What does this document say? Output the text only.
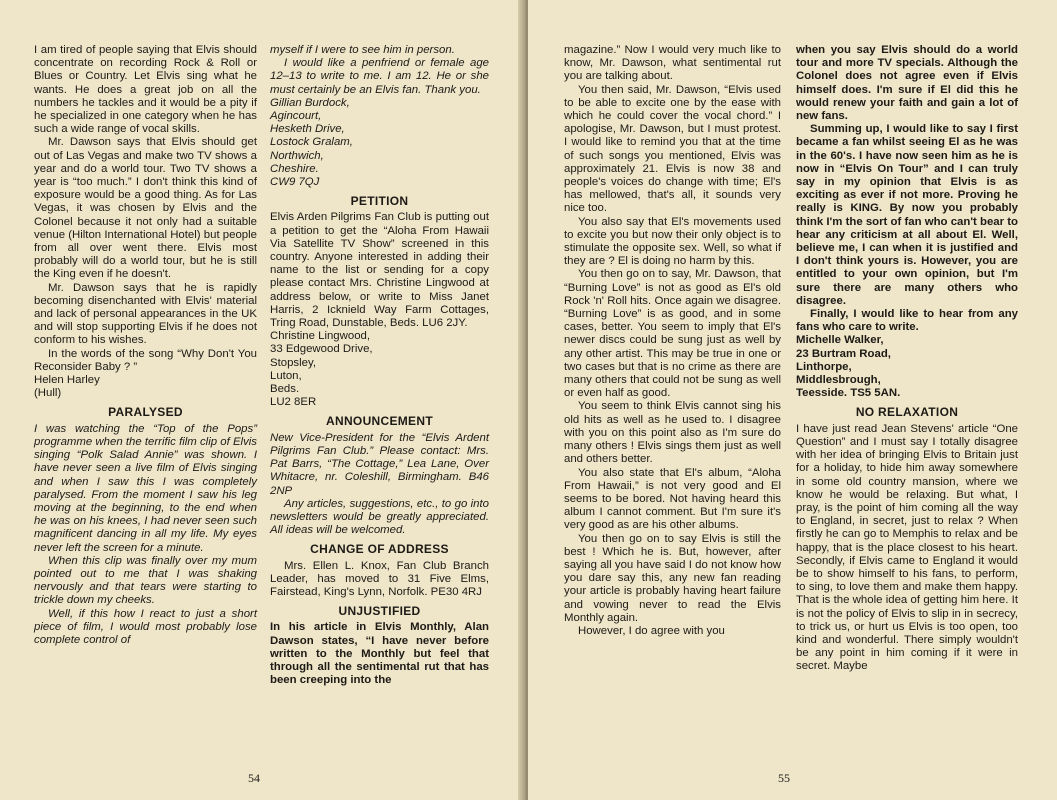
I am tired of people saying that Elvis should concentrate on recording Rock & Roll or Blues or Country. Let Elvis sing what he wants. He does a great job on all the numbers he tackles and it would be a pity if he specialized in one category when he has such a wide range of vocal skills.

Mr. Dawson says that Elvis should get out of Las Vegas and make two TV shows a year and do a world tour. Two TV shows a year is “too much.” I don't think this kind of exposure would be a good thing. As for Las Vegas, it was chosen by Elvis and the Colonel because it not only had a suitable venue (Hilton International Hotel) but people from all over went there. Elvis most probably will do a world tour, but he is still the King even if he doesn't.

Mr. Dawson says that he is rapidly becoming disenchanted with Elvis' material and lack of personal appearances in the UK and will stop supporting Elvis if he does not conform to his wishes.

In the words of the song “Why Don't You Reconsider Baby ? ”

Helen Harley

(Hull)

PARALYSED

I was watching the “Top of the Pops” programme when the terrific film clip of Elvis singing “Polk Salad Annie” was shown. I have never seen a live film of Elvis singing and when I saw this I was completely paralysed. From the moment I saw his leg moving at the beginning, to the end when he was on his knees, I had never seen such magnificent dancing in all my life. My eyes never left the screen for a minute.

When this clip was finally over my mum pointed out to me that I was shaking nervously and that tears were starting to trickle down my cheeks.

Well, if this how I react to just a short piece of film, I would most probably lose complete control of

myself if I were to see him in person.

I would like a penfriend or female age 12–13 to write to me. I am 12. He or she must certainly be an Elvis fan. Thank you.

Gillian Burdock,

Agincourt,

Hesketh Drive,

Lostock Gralam,

Northwich,

Cheshire.

CW9 7QJ

PETITION

Elvis Arden Pilgrims Fan Club is putting out a petition to get the “Aloha From Hawaii Via Satellite TV Show” screened in this country. Anyone interested in adding their name to the list or sending for a copy please contact Mrs. Christine Lingwood at address below, or write to Miss Janet Harris, 2 Icknield Way Farm Cottages, Tring Road, Dunstable, Beds. LU6 2JY.

Christine Lingwood,

33 Edgewood Drive,

Stopsley,

Luton,

Beds.

LU2 8ER

ANNOUNCEMENT

New Vice-President for the “Elvis Ardent Pilgrims Fan Club.” Please contact: Mrs. Pat Barrs, “The Cottage,” Lea Lane, Over Whitacre, nr. Coleshill, Birmingham. B46 2NP

Any articles, suggestions, etc., to go into newsletters would be greatly appreciated. All ideas will be welcomed.

CHANGE OF ADDRESS

Mrs. Ellen L. Knox, Fan Club Branch Leader, has moved to 31 Five Elms, Fairstead, King's Lynn, Norfolk. PE30 4RJ

UNJUSTIFIED

In his article in Elvis Monthly, Alan Dawson states, “I have never before written to the Monthly but feel that through all the sentimental rut that has been creeping into the

54

magazine.” Now I would very much like to know, Mr. Dawson, what sentimental rut you are talking about.

You then said, Mr. Dawson, “Elvis used to be able to excite one by the ease with which he could cover the vocal chord.” I apologise, Mr. Dawson, but I must protest. I would like to remind you that at the time of such songs you mentioned, Elvis was approximately 21. Elvis is now 38 and people's voices do change with time; El's has mellowed, that's all, it sounds very nice too.

You also say that El's movements used to excite you but now their only object is to stimulate the opposite sex. Well, so what if they are ? El is doing no harm by this.

You then go on to say, Mr. Dawson, that “Burning Love” is not as good as El's old Rock 'n' Roll hits. Once again we disagree. “Burning Love” is as good, and in some cases, better. You seem to imply that El's newer discs could be sung just as well by any other artist. This may be true in one or two cases but that is no crime as there are many others that could not be sung as well or even half as good.

You seem to think Elvis cannot sing his old hits as well as he used to. I disagree with you on this point also as I'm sure do many others ! Elvis sings them just as well and others better.

You also state that El's album, “Aloha From Hawaii,” is not very good and El seems to be bored. Not having heard this album I cannot comment. But I'm sure it's very good as are his other albums.

You then go on to say Elvis is still the best ! Which he is. But, however, after saying all you have said I do not know how you dare say this, any new fan reading your article is probably having heart failure and vowing never to read the Elvis Monthly again.

However, I do agree with you

when you say Elvis should do a world tour and more TV specials. Although the Colonel does not agree even if Elvis himself does. I'm sure if El did this he would renew your faith and gain a lot of new fans.

Summing up, I would like to say I first became a fan whilst seeing El as he was in the 60's. I have now seen him as he is now in “Elvis On Tour” and I can truly say in my opinion that Elvis is as exciting as ever if not more. Proving he really is KING. By now you probably think I'm the sort of fan who can't bear to hear any criticism at all about El. Well, believe me, I can when it is justified and I don't think yours is. However, you are entitled to your own opinion, but I'm sure there are many others who disagree.

Finally, I would like to hear from any fans who care to write.

Michelle Walker,

23 Burtram Road,

Linthorpe,

Middlesbrough,

Teesside. TS5 5AN.

NO RELAXATION

I have just read Jean Stevens' article “One Question” and I must say I totally disagree with her idea of bringing Elvis to Britain just for a holiday, to hide him away somewhere in some old country mansion, where we know he would be relaxing. But what, I pray, is the point of him coming all the way to England, in secret, just to relax ? When firstly he can go to Memphis to relax and be happy, that is the place closest to his heart. Secondly, if Elvis came to England it would be to show himself to his fans, to perform, to sing, to love them and make them happy. That is the whole idea of getting him here. It is not the policy of Elvis to slip in in secrecy, to trick us, or hurt us Elvis is too open, too kind and wonderful. There simply wouldn't be any point in him coming if it were in secret. Maybe

55
